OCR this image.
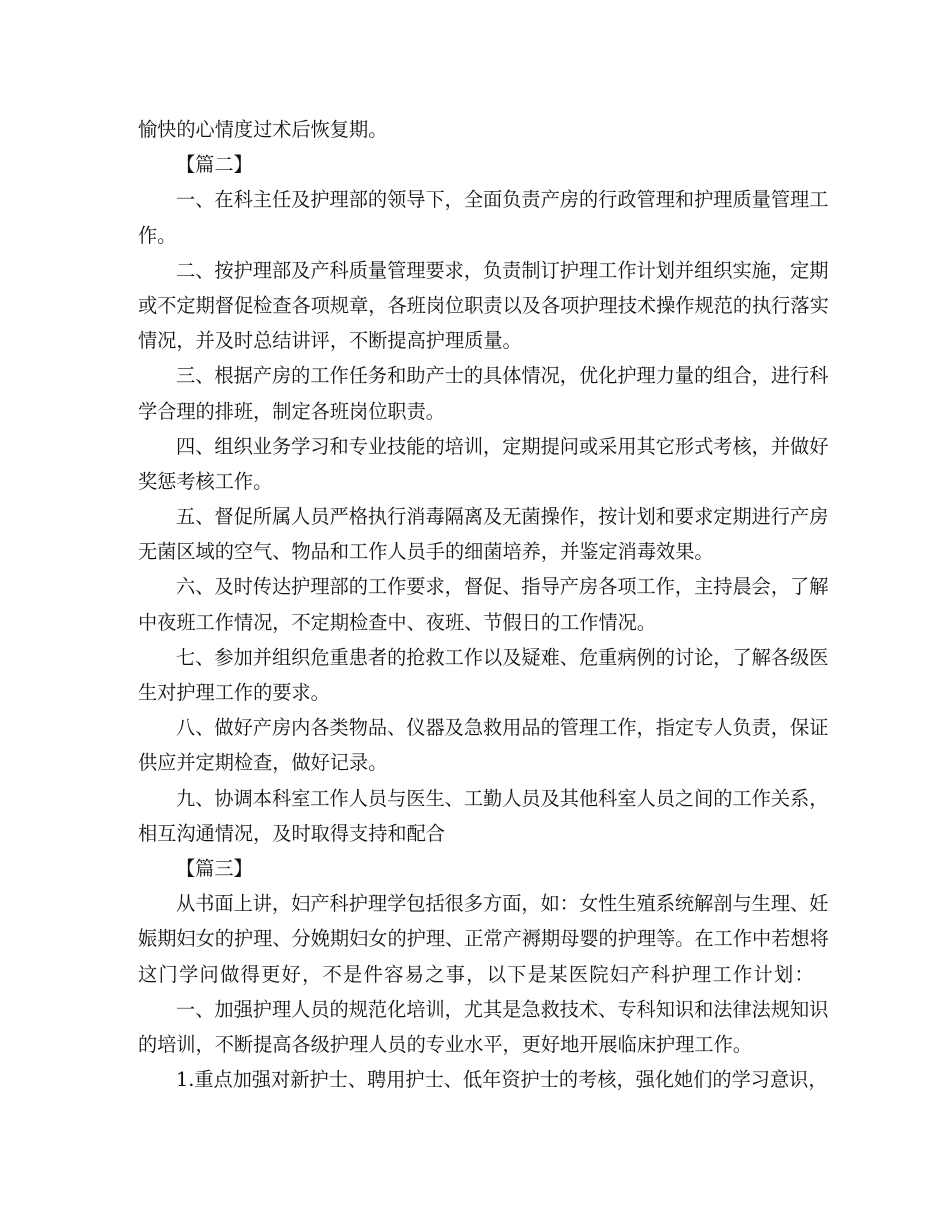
愉快的心情度过术后恢复期。
【篇二】
一 、 在 科 主 任 及 护 理 部 的 领 导 下 ， 全 面 负 责 产 房 的 行 政 管 理 和 护 理 质 量 管 理 工
作。
二 、 按 护 理 部 及 产 科 质 量 管 理 要 求 ， 负 责 制 订 护 理 工 作 计 划 并 组 织 实 施 ， 定 期
或 不 定 期 督 促 检 查 各 项 规 章 ， 各 班 岗 位 职 责 以 及 各 项 护 理 技 术 操 作 规 范 的 执 行 落 实
情况，并及时总结讲评，不断提高护理质量。
三 、 根 据 产 房 的 工 作 任 务 和 助 产 士 的 具 体 情 况 ， 优 化 护 理 力 量 的 组 合 ， 进 行 科
学合理的排班，制定各班岗位职责。
四 、 组 织 业 务 学 习 和 专 业 技 能 的 培 训 ， 定 期 提 问 或 采 用 其 它 形 式 考 核 ， 并 做 好
奖惩考核工作。
五 、 督 促 所 属 人 员 严 格 执 行 消 毒 隔 离 及 无 菌 操 作 ， 按 计 划 和 要 求 定 期 进 行 产 房
无菌区域的空气、物品和工作人员手的细菌培养，并鉴定消毒效果。
六 、 及 时 传 达 护 理 部 的 工 作 要 求 ， 督 促 、 指 导 产 房 各 项 工 作 ， 主 持 晨 会 ， 了 解
中夜班工作情况，不定期检查中、夜班、节假日的工作情况。
七 、 参 加 并 组 织 危 重 患 者 的 抢 救 工 作 以 及 疑 难 、 危 重 病 例 的 讨 论 ， 了 解 各 级 医
生对护理工作的要求。
八 、 做 好 产 房 内 各 类 物 品 、 仪 器 及 急 救 用 品 的 管 理 工 作 ， 指 定 专 人 负 责 ， 保 证
供应并定期检查，做好记录。
九 、 协 调 本 科 室 工 作 人 员 与 医 生 、 工 勤 人 员 及 其 他 科 室 人 员 之 间 的 工 作 关 系 ，
相互沟通情况，及时取得支持和配合
【篇三】
从 书 面 上 讲 ， 妇 产 科 护 理 学 包 括 很 多 方 面 ， 如 ： 女 性 生 殖 系 统 解 剖 与 生 理 、 妊
娠 期 妇 女 的 护 理 、 分 娩 期 妇 女 的 护 理 、 正 常 产 褥 期 母 婴 的 护 理 等 。 在 工 作 中 若 想 将
这 门 学 问 做 得 更 好 ， 不 是 件 容 易 之 事 ， 以 下 是 某 医 院 妇 产 科 护 理 工 作 计 划 ：
一 、 加 强 护 理 人 员 的 规 范 化 培 训 ， 尤 其 是 急 救 技 术 、 专 科 知 识 和 法 律 法 规 知 识
的培训，不断提高各级护理人员的专业水平，更好地开展临床护理工作。
1 . 重 点 加 强 对 新 护 士 、 聘 用 护 士 、 低 年 资 护 士 的 考 核 ， 强 化 她 们 的 学 习 意 识 ，
